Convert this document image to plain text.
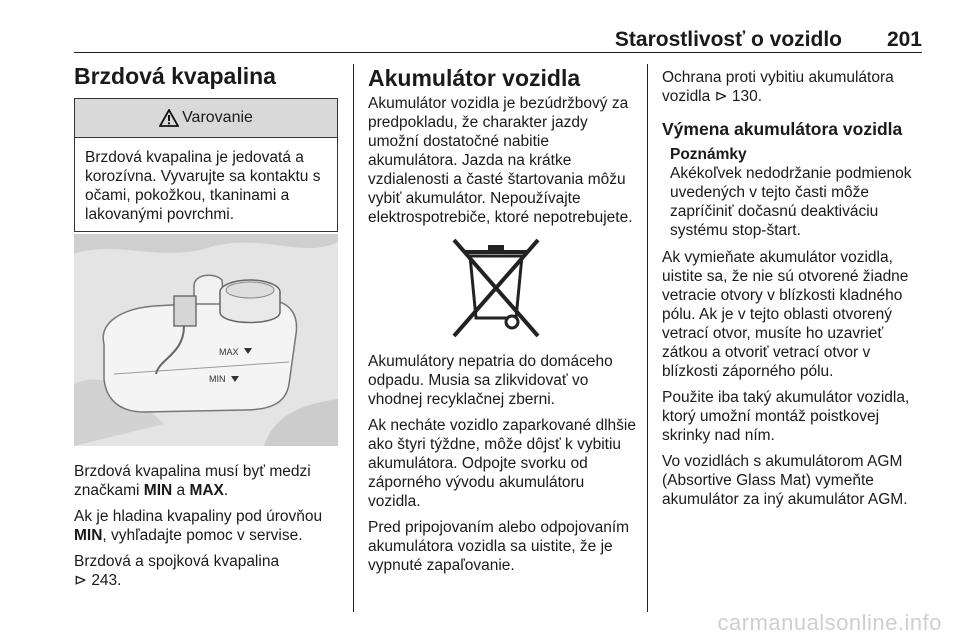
Starostlivosť o vozidlo 201
Brzdová kvapalina
Varovanie
Brzdová kvapalina je jedovatá a korozívna. Vyvarujte sa kontaktu s očami, pokožkou, tkaninami a lakovanými povrchmi.
MAX
MIN

Brzdová kvapalina musí byť medzi značkami MIN a MAX.

Ak je hladina kvapaliny pod úrovňou MIN, vyhľadajte pomoc v servise.

Brzdová a spojková kvapalina
⊳ 243.

Akumulátor vozidla

Akumulátor vozidla je bezúdržbový za predpokladu, že charakter jazdy umožní dostatočné nabitie akumulátora. Jazda na krátke vzdialenosti a časté štartovania môžu vybiť akumulátor. Nepoužívajte elektrospotrebiče, ktoré nepotrebujete.

Akumulátory nepatria do domáceho odpadu. Musia sa zlikvidovať vo vhodnej recyklačnej zberni.

Ak necháte vozidlo zaparkované dlhšie ako štyri týždne, môže dôjsť k vybitiu akumulátora. Odpojte svorku od záporného vývodu akumulátoru vozidla.

Pred pripojovaním alebo odpojovaním akumulátora vozidla sa uistite, že je vypnuté zapaľovanie.

Ochrana proti vybitiu akumulátora vozidla ⊳ 130.

Výmena akumulátora vozidla
Poznámky
Akékoľvek nedodržanie podmienok uvedených v tejto časti môže zapríčiniť dočasnú deaktiváciu systému stop-štart.

Ak vymieňate akumulátor vozidla, uistite sa, že nie sú otvorené žiadne vetracie otvory v blízkosti kladného pólu. Ak je v tejto oblasti otvorený vetrací otvor, musíte ho uzavrieť zátkou a otvoriť vetrací otvor v blízkosti záporného pólu.

Použite iba taký akumulátor vozidla, ktorý umožní montáž poistkovej skrinky nad ním.

Vo vozidlách s akumulátorom AGM (Absortive Glass Mat) vymeňte akumulátor za iný akumulátor AGM.

carmanualsonline.info
